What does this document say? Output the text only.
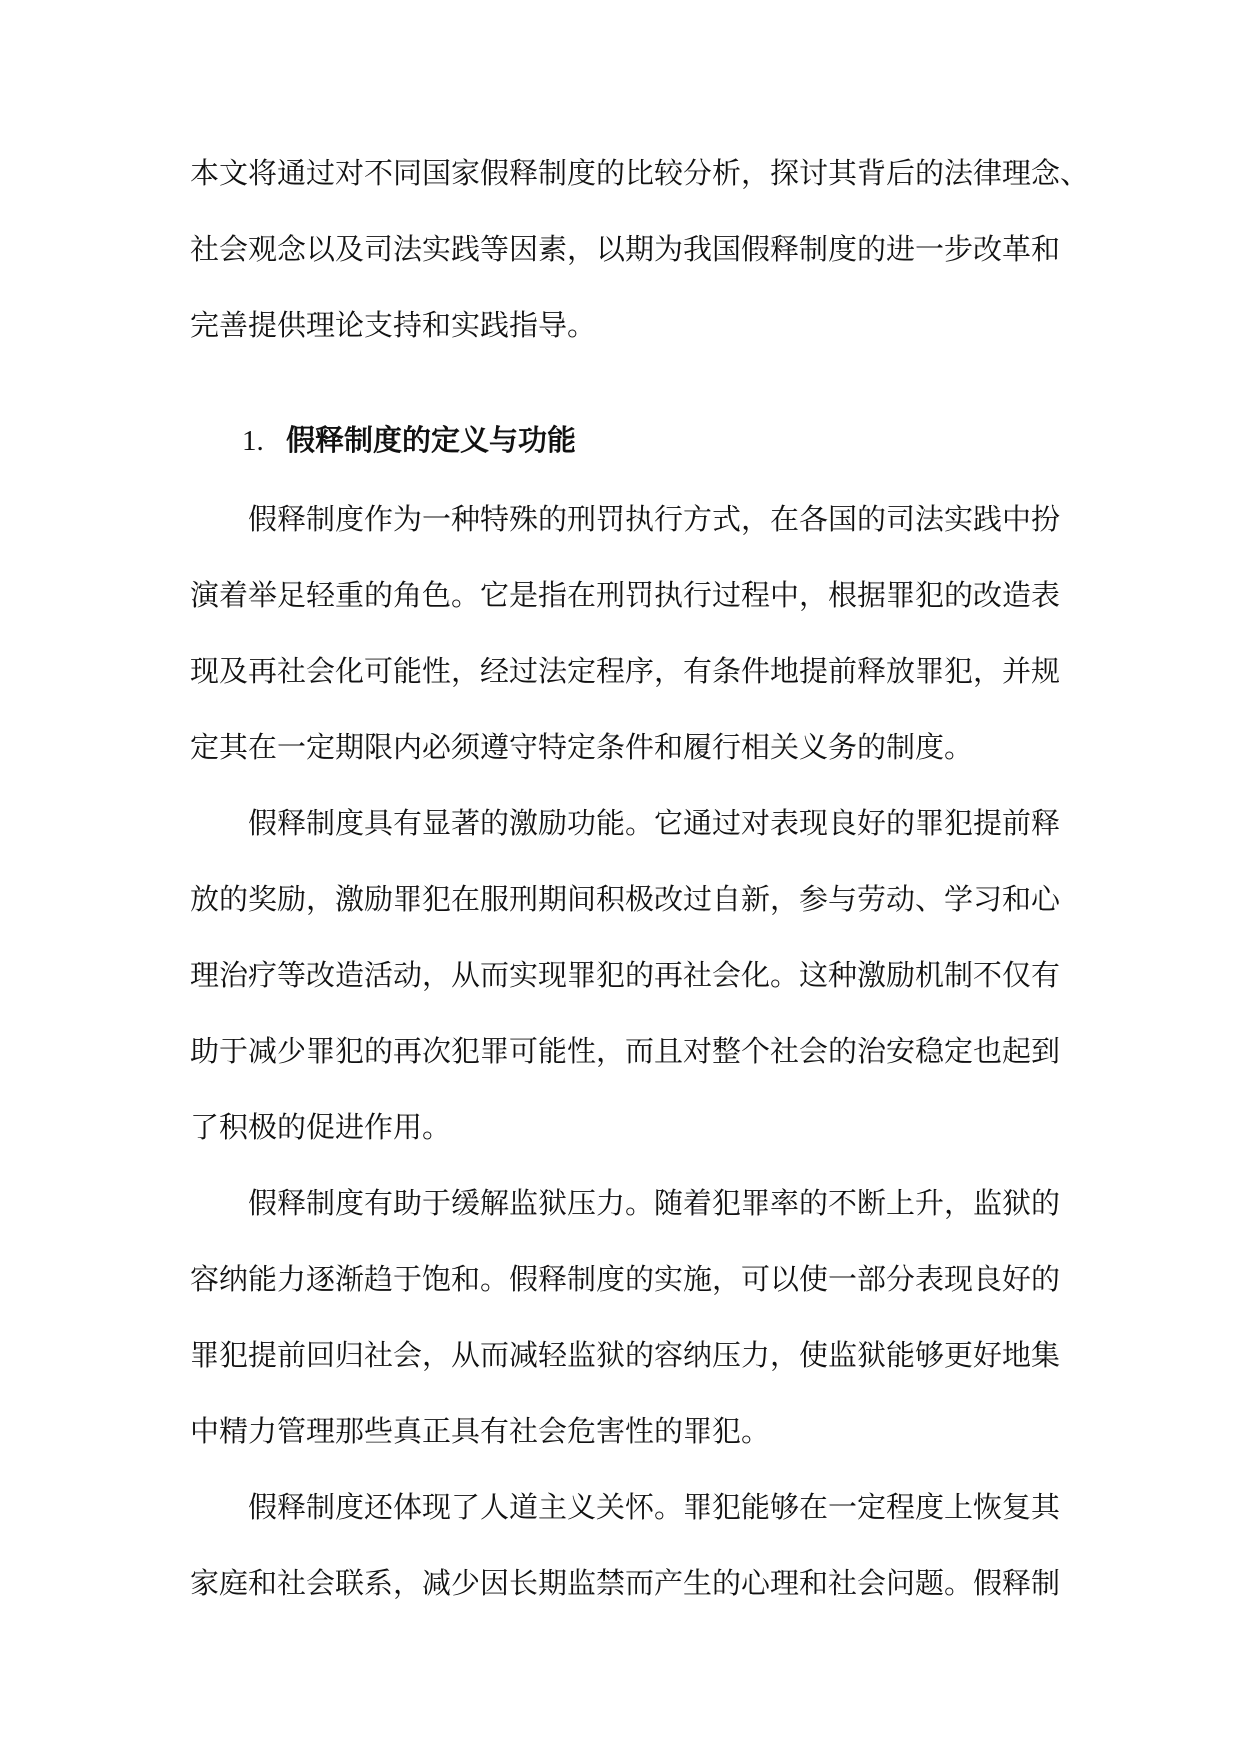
本文将通过对不同国家假释制度的比较分析，探讨其背后的法律理念、
社会观念以及司法实践等因素，以期为我国假释制度的进一步改革和
完善提供理论支持和实践指导。
1. 假释制度的定义与功能
假释制度作为一种特殊的刑罚执行方式，在各国的司法实践中扮
演着举足轻重的角色。它是指在刑罚执行过程中，根据罪犯的改造表
现及再社会化可能性，经过法定程序，有条件地提前释放罪犯，并规
定其在一定期限内必须遵守特定条件和履行相关义务的制度。
假释制度具有显著的激励功能。它通过对表现良好的罪犯提前释
放的奖励，激励罪犯在服刑期间积极改过自新，参与劳动、学习和心
理治疗等改造活动，从而实现罪犯的再社会化。这种激励机制不仅有
助于减少罪犯的再次犯罪可能性，而且对整个社会的治安稳定也起到
了积极的促进作用。
假释制度有助于缓解监狱压力。随着犯罪率的不断上升，监狱的
容纳能力逐渐趋于饱和。假释制度的实施，可以使一部分表现良好的
罪犯提前回归社会，从而减轻监狱的容纳压力，使监狱能够更好地集
中精力管理那些真正具有社会危害性的罪犯。
假释制度还体现了人道主义关怀。罪犯能够在一定程度上恢复其
家庭和社会联系，减少因长期监禁而产生的心理和社会问题。假释制
